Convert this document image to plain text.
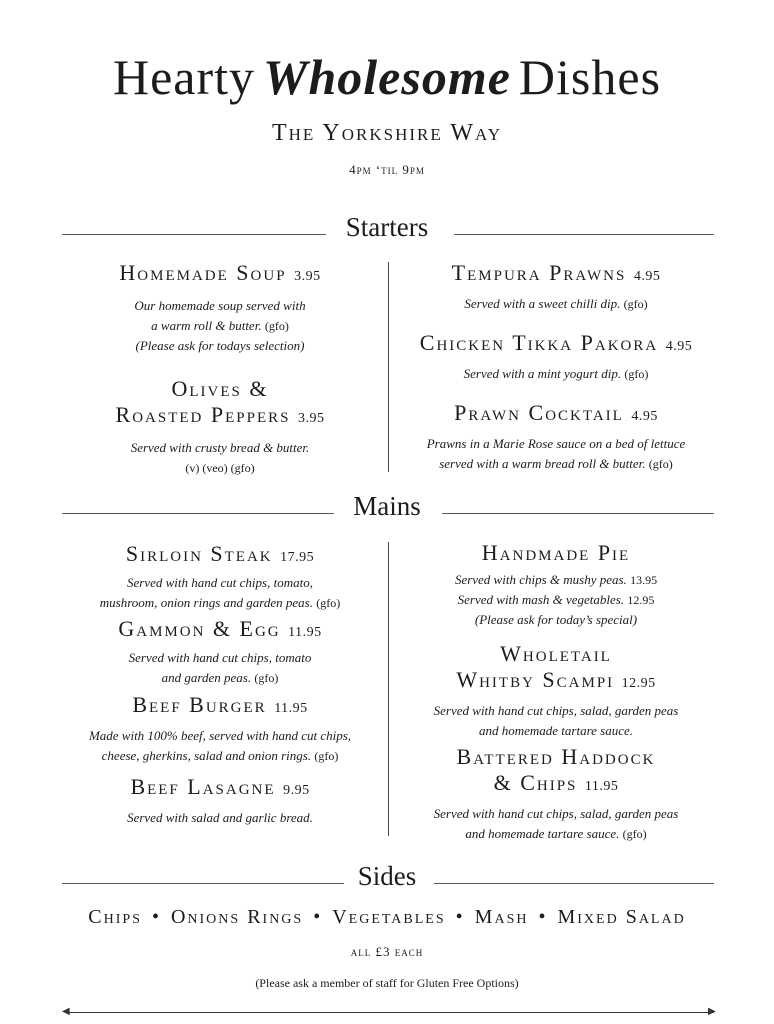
Hearty Wholesome Dishes
The Yorkshire Way
4pm ‘til 9pm
Starters
Homemade Soup 3.95
Our homemade soup served with
a warm roll & butter. (gfo)
(Please ask for todays selection)
Olives &
Roasted Peppers 3.95
Served with crusty bread & butter.
(v) (veo) (gfo)
Tempura Prawns 4.95
Served with a sweet chilli dip. (gfo)
Chicken Tikka Pakora 4.95
Served with a mint yogurt dip. (gfo)
Prawn Cocktail 4.95
Prawns in a Marie Rose sauce on a bed of lettuce
served with a warm bread roll & butter. (gfo)
Mains
Sirloin Steak 17.95
Served with hand cut chips, tomato,
mushroom, onion rings and garden peas. (gfo)
Gammon & Egg 11.95
Served with hand cut chips, tomato
and garden peas. (gfo)
Beef Burger 11.95
Made with 100% beef, served with hand cut chips,
cheese, gherkins, salad and onion rings. (gfo)
Beef Lasagne 9.95
Served with salad and garlic bread.
Handmade Pie
Served with chips & mushy peas. 13.95
Served with mash & vegetables. 12.95
(Please ask for today’s special)
Wholetail
Whitby Scampi 12.95
Served with hand cut chips, salad, garden peas
and homemade tartare sauce.
Battered Haddock
& Chips 11.95
Served with hand cut chips, salad, garden peas
and homemade tartare sauce. (gfo)
Sides
Chips • Onions Rings • Vegetables • Mash • Mixed Salad
all £3 each
(Please ask a member of staff for Gluten Free Options)
◀	▶
